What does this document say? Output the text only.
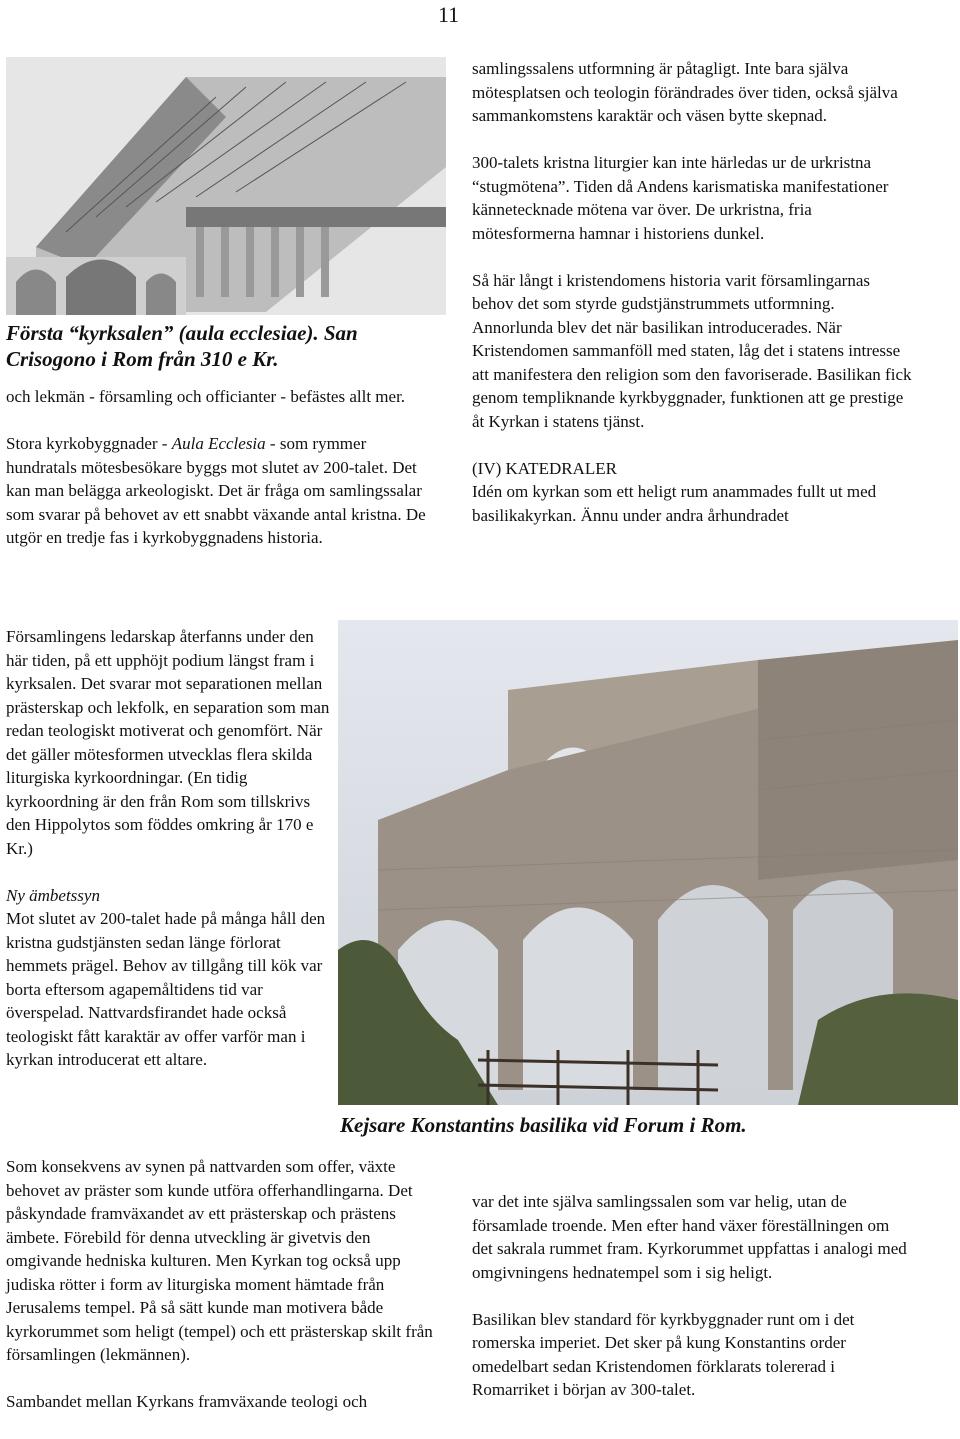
11
Första “kyrksalen” (aula ecclesiae). San
Crisogono i Rom från 310 e Kr.

och lekmän - församling och officianter - befästes allt mer.

Stora kyrkobyggnader - Aula Ecclesia - som rymmer hundratals mötesbesökare byggs mot slutet av 200-talet. Det kan man belägga arkeologiskt. Det är fråga om samlingssalar som svarar på behovet av ett snabbt växande antal kristna. De utgör en tredje fas i kyrkobyggnadens historia.

Församlingens ledarskap återfanns under den här tiden, på ett upphöjt podium längst fram i kyrksalen. Det svarar mot separationen mellan prästerskap och lekfolk, en separation som man redan teologiskt motiverat och genomfört. När det gäller mötesformen utvecklas flera skilda liturgiska kyrkoordningar. (En tidig kyrkoordning är den från Rom som tillskrivs den Hippolytos som föddes omkring år 170 e Kr.)

Ny ämbetssyn

Mot slutet av 200-talet hade på många håll den kristna gudstjänsten sedan länge förlorat hemmets prägel. Behov av tillgång till kök var borta eftersom agapemåltidens tid var överspelad. Nattvardsfirandet hade också teologiskt fått karaktär av offer varför man i kyrkan introducerat ett altare.

Som konsekvens av synen på nattvarden som offer, växte behovet av präster som kunde utföra offerhandlingarna. Det påskyndade framväxandet av ett prästerskap och prästens ämbete. Förebild för denna utveckling är givetvis den omgivande hedniska kulturen. Men Kyrkan tog också upp judiska rötter i form av liturgiska moment hämtade från Jerusalems tempel. På så sätt kunde man motivera både kyrkorummet som heligt (tempel) och ett prästerskap skilt från församlingen (lekmännen).

Sambandet mellan Kyrkans framväxande teologi och

samlingssalens utformning är påtagligt. Inte bara själva mötesplatsen och teologin förändrades över tiden, också själva sammankomstens karaktär och väsen bytte skepnad.

300-talets kristna liturgier kan inte härledas ur de urkristna “stugmötena”. Tiden då Andens karismatiska manifestationer kännetecknade mötena var över. De urkristna, fria mötesformerna hamnar i historiens dunkel.

Så här långt i kristendomens historia varit församlingarnas behov det som styrde gudstjänstrummets utformning. Annorlunda blev det när basilikan introducerades. När Kristendomen sammanföll med staten, låg det i statens intresse att manifestera den religion som den favoriserade. Basilikan fick genom templiknande kyrkbyggnader, funktionen att ge prestige åt Kyrkan i statens tjänst.

(IV) KATEDRALER

Idén om kyrkan som ett heligt rum anammades fullt ut med basilikakyrkan. Ännu under andra århundradet

Kejsare Konstantins basilika vid Forum i Rom.

var det inte själva samlingssalen som var helig, utan de församlade troende. Men efter hand växer föreställningen om det sakrala rummet fram. Kyrkorummet uppfattas i analogi med omgivningens hednatempel som i sig heligt.

Basilikan blev standard för kyrkbyggnader runt om i det romerska imperiet. Det sker på kung Konstantins order omedelbart sedan Kristendomen förklarats tolererad i Romarriket i början av 300-talet.
